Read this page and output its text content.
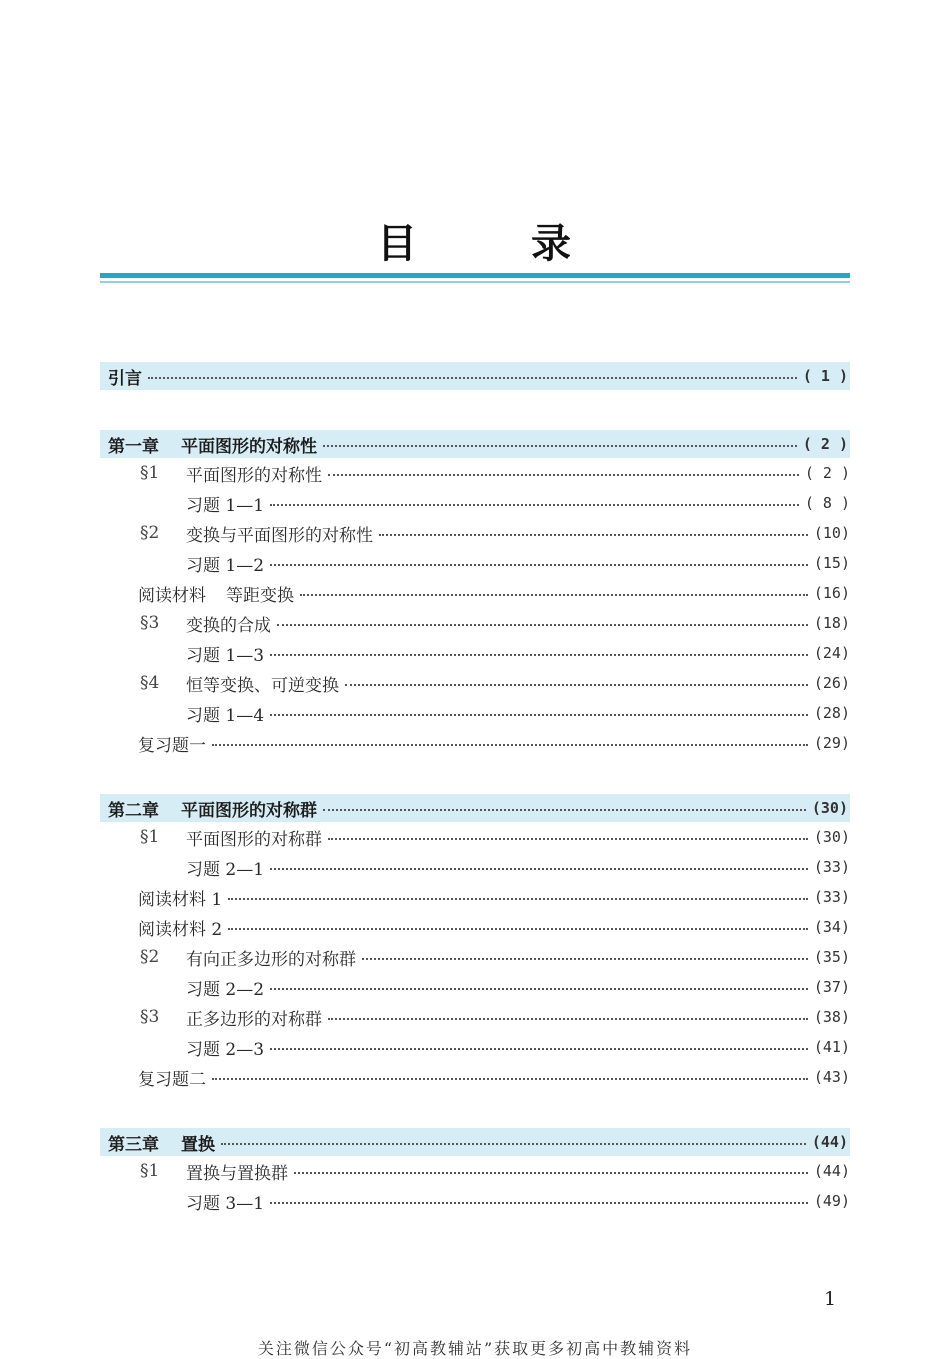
目	录
引言	( 1 )
第一章 平面图形的对称性	( 2 )
§1	平面图形的对称性	( 2 )
习题 1—1	( 8 )
§2	变换与平面图形的对称性	(10)
习题 1—2	(15)
阅读材料 等距变换	(16)
§3	变换的合成	(18)
习题 1—3	(24)
§4	恒等变换、可逆变换	(26)
习题 1—4	(28)
复习题一	(29)
第二章 平面图形的对称群	(30)
§1	平面图形的对称群	(30)
习题 2—1	(33)
阅读材料 1	(33)
阅读材料 2	(34)
§2	有向正多边形的对称群	(35)
习题 2—2	(37)
§3	正多边形的对称群	(38)
习题 2—3	(41)
复习题二	(43)
第三章 置换	(44)
§1	置换与置换群	(44)
习题 3—1	(49)
1
关注微信公众号“初高教辅站”获取更多初高中教辅资料
